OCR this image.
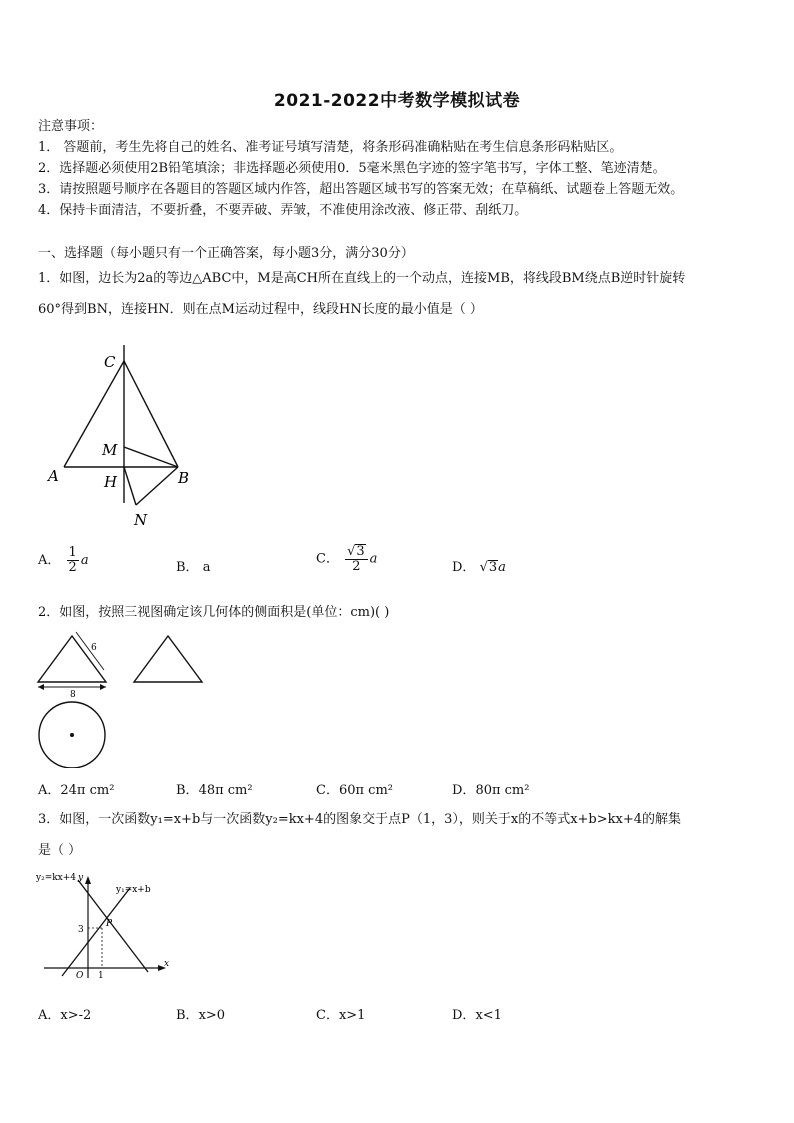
2021-2022中考数学模拟试卷
注意事项：
1． 答题前，考生先将自己的姓名、准考证号填写清楚，将条形码准确粘贴在考生信息条形码粘贴区。
2．选择题必须使用2B铅笔填涂；非选择题必须使用0．5毫米黑色字迹的签字笔书写，字体工整、笔迹清楚。
3．请按照题号顺序在各题目的答题区域内作答，超出答题区域书写的答案无效；在草稿纸、试题卷上答题无效。
4．保持卡面清洁，不要折叠，不要弄破、弄皱，不准使用涂改液、修正带、刮纸刀。
一、选择题（每小题只有一个正确答案，每小题3分，满分30分）
1．如图，边长为2a的等边△ABC中，M是高CH所在直线上的一个动点，连接MB，将线段BM绕点B逆时针旋转
60°得到BN，连接HN．则在点M运动过程中，线段HN长度的最小值是（ ）
C
M
A	H	B
N
A． $\frac{1}{2}$ a	B． a
C． $\frac{√3}{2}$ a
D． √3a
2．如图，按照三视图确定该几何体的侧面积是(单位：cm)( )
6
8
A．24π cm²	B．48π cm²	C．60π cm²	D．80π cm²
3．如图，一次函数y₁=x+b与一次函数y₂=kx+4的图象交于点P（1，3），则关于x的不等式x+b>kx+4的解集
是（ ）
y₂=kx+4 y
y₁=x+b
P
3
O 1
x
A．x>-2	B．x>0	C．x>1	D．x<1
